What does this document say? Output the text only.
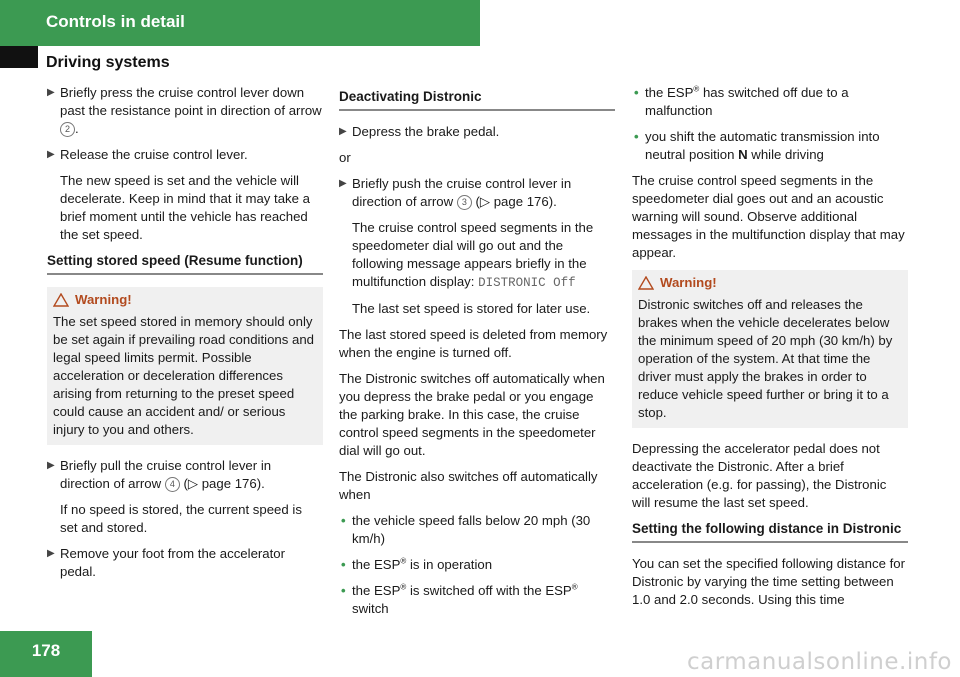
Controls in detail
Driving systems
▶ Briefly press the cruise control lever down past the resistance point in direction of arrow 2 .
▶ Release the cruise control lever.

The new speed is set and the vehicle will decelerate. Keep in mind that it may take a brief moment until the vehicle has reached the set speed.

Setting stored speed (Resume function)
Warning!
The set speed stored in memory should only be set again if prevailing road conditions and legal speed limits permit. Possible acceleration or deceleration differences arising from returning to the preset speed could cause an accident and/ or serious injury to you and others.
▶ Briefly pull the cruise control lever in direction of arrow 4 (▷ page 176).

If no speed is stored, the current speed is set and stored.

▶ Remove your foot from the accelerator pedal.
Deactivating Distronic
▶ Depress the brake pedal.

or

▶ Briefly push the cruise control lever in direction of arrow 3 (▷ page 176).

The cruise control speed segments in the speedometer dial will go out and the following message appears briefly in the multifunction display: DISTRONIC Off

The last set speed is stored for later use.

The last stored speed is deleted from memory when the engine is turned off.

The Distronic switches off automatically when you depress the brake pedal or you engage the parking brake. In this case, the cruise control speed segments in the speedometer dial will go out.

The Distronic also switches off automatically when

• the vehicle speed falls below 20 mph (30 km/h)
• the ESP® is in operation
• the ESP® is switched off with the ESP®
switch
• the ESP® has switched off due to a malfunction
• you shift the automatic transmission into neutral position N while driving

The cruise control speed segments in the speedometer dial goes out and an acoustic warning will sound. Observe additional messages in the multifunction display that may appear.

Warning!
Distronic switches off and releases the brakes when the vehicle decelerates below the minimum speed of 20 mph (30 km/h) by operation of the system. At that time the driver must apply the brakes in order to reduce vehicle speed further or bring it to a stop.

Depressing the accelerator pedal does not deactivate the Distronic. After a brief acceleration (e.g. for passing), the Distronic will resume the last set speed.

Setting the following distance in Distronic

You can set the specified following distance for Distronic by varying the time setting between 1.0 and 2.0 seconds. Using this time

178	carmanualsonline.info
